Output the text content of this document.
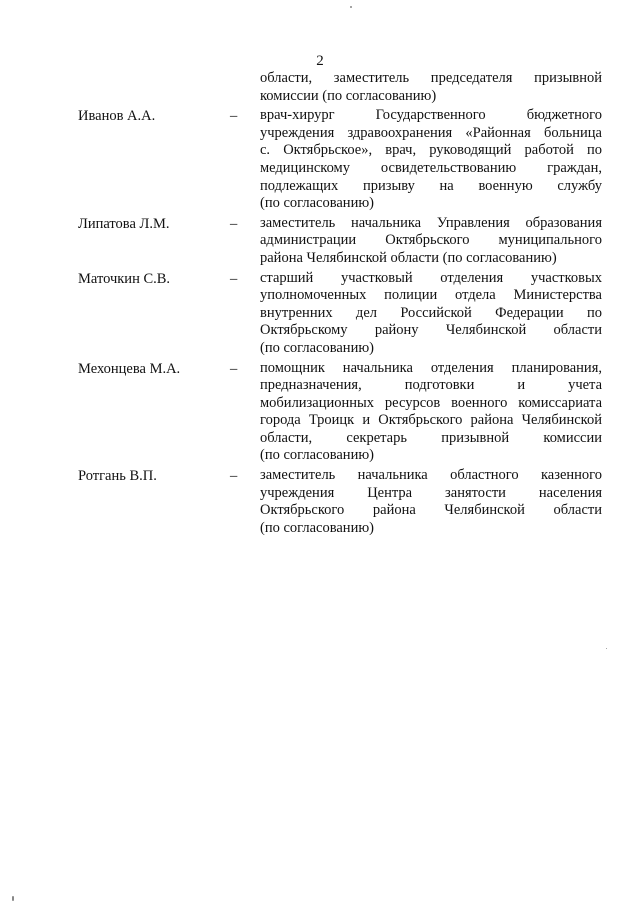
2
области, заместитель председателя призывной
комиссии (по согласованию)
Иванов А.А.	–	врач-хирург Государственного бюджетного
учреждения здравоохранения «Районная больница
с. Октябрьское», врач, руководящий работой по
медицинскому освидетельствованию граждан,
подлежащих призыву на военную службу
(по согласованию)
Липатова Л.М.	–	заместитель начальника Управления образования
администрации Октябрьского муниципального
района Челябинской области (по согласованию)
Маточкин С.В.	–	старший участковый отделения участковых
уполномоченных полиции отдела Министерства
внутренних дел Российской Федерации по
Октябрьскому району Челябинской области
(по согласованию)
Мехонцева М.А.	–	помощник начальника отделения планирования,
предназначения, подготовки и учета
мобилизационных ресурсов военного комиссариата
города Троицк и Октябрьского района Челябинской
области, секретарь призывной комиссии
(по согласованию)
Ротгань В.П.	–	заместитель начальника областного казенного
учреждения Центра занятости населения
Октябрьского района Челябинской области
(по согласованию)
